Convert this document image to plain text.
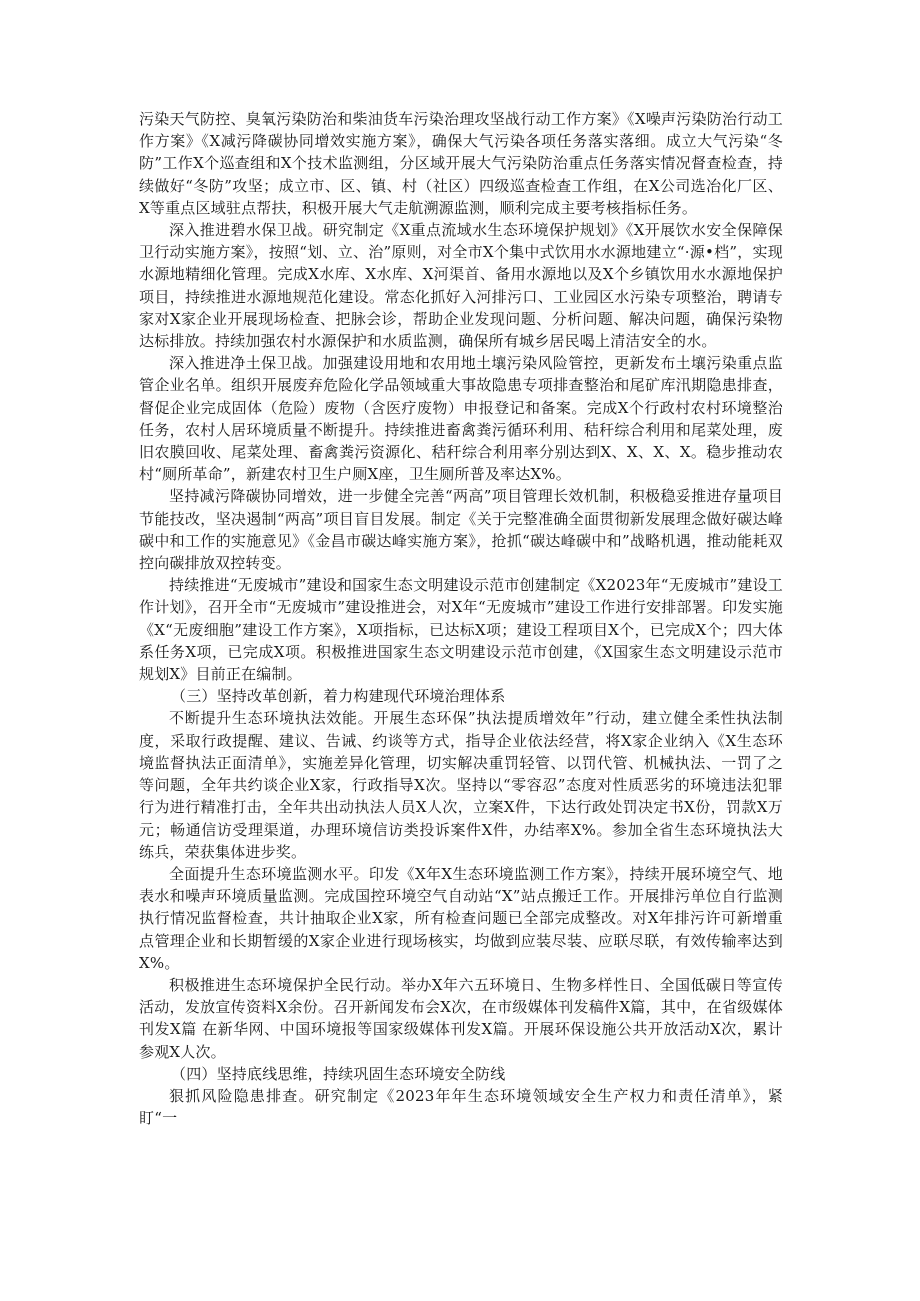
污染天气防控、臭氧污染防治和柴油货车污染治理攻坚战行动工作方案》《X噪声污染防治行动工作方案》《X减污降碳协同增效实施方案》，确保大气污染各项任务落实落细。成立大气污染“冬防”工作X个巡查组和X个技术监测组，分区域开展大气污染防治重点任务落实情况督查检查，持续做好“冬防”攻坚；成立市、区、镇、村（社区）四级巡查检查工作组，在X公司选冶化厂区、X等重点区域驻点帮扶，积极开展大气走航溯源监测，顺利完成主要考核指标任务。

深入推进碧水保卫战。研究制定《X重点流域水生态环境保护规划》《X开展饮水安全保障保卫行动实施方案》，按照“划、立、治”原则，对全市X个集中式饮用水水源地建立“·源•档”，实现水源地精细化管理。完成X水库、X水库、X河渠首、备用水源地以及X个乡镇饮用水水源地保护项目，持续推进水源地规范化建设。常态化抓好入河排污口、工业园区水污染专项整治，聘请专家对X家企业开展现场检查、把脉会诊，帮助企业发现问题、分析问题、解决问题，确保污染物达标排放。持续加强农村水源保护和水质监测，确保所有城乡居民喝上清洁安全的水。

深入推进净土保卫战。加强建设用地和农用地土壤污染风险管控，更新发布土壤污染重点监管企业名单。组织开展废弃危险化学品领域重大事故隐患专项排查整治和尾矿库汛期隐患排查，督促企业完成固体（危险）废物（含医疗废物）申报登记和备案。完成X个行政村农村环境整治任务，农村人居环境质量不断提升。持续推进畜禽粪污循环利用、秸秆综合利用和尾菜处理，废旧农膜回收、尾菜处理、畜禽粪污资源化、秸秆综合利用率分别达到X、X、X、X。稳步推动农村“厕所革命”，新建农村卫生户厕X座，卫生厕所普及率达X%。

坚持减污降碳协同增效，进一步健全完善“两高”项目管理长效机制，积极稳妥推进存量项目节能技改，坚决遏制“两高”项目盲目发展。制定《关于完整准确全面贯彻新发展理念做好碳达峰碳中和工作的实施意见》《金昌市碳达峰实施方案》，抢抓“碳达峰碳中和”战略机遇，推动能耗双控向碳排放双控转变。

持续推进“无废城市”建设和国家生态文明建设示范市创建制定《X2023年“无废城市”建设工作计划》，召开全市“无废城市”建设推进会，对X年“无废城市”建设工作进行安排部署。印发实施《X“无废细胞”建设工作方案》，X项指标，已达标X项；建设工程项目X个，已完成X个；四大体系任务X项，已完成X项。积极推进国家生态文明建设示范市创建，《X国家生态文明建设示范市规划X》目前正在编制。

（三）坚持改革创新，着力构建现代环境治理体系

不断提升生态环境执法效能。开展生态环保”执法提质增效年”行动，建立健全柔性执法制度，采取行政提醒、建议、告诫、约谈等方式，指导企业依法经营，将X家企业纳入《X生态环境监督执法正面清单》，实施差异化管理，切实解决重罚轻管、以罚代管、机械执法、一罚了之等问题，全年共约谈企业X家，行政指导X次。坚持以“零容忍”态度对性质恶劣的环境违法犯罪行为进行精准打击，全年共出动执法人员X人次，立案X件，下达行政处罚决定书X份，罚款X万元；畅通信访受理渠道，办理环境信访类投诉案件X件，办结率X%。参加全省生态环境执法大练兵，荣获集体进步奖。

全面提升生态环境监测水平。印发《X年X生态环境监测工作方案》，持续开展环境空气、地表水和噪声环境质量监测。完成国控环境空气自动站“X”站点搬迁工作。开展排污单位自行监测执行情况监督检查，共计抽取企业X家，所有检查问题已全部完成整改。对X年排污许可新增重点管理企业和长期暂缓的X家企业进行现场核实，均做到应装尽装、应联尽联，有效传输率达到X%。

积极推进生态环境保护全民行动。举办X年六五环境日、生物多样性日、全国低碳日等宣传活动，发放宣传资料X余份。召开新闻发布会X次，在市级媒体刊发稿件X篇，其中，在省级媒体刊发X篇 在新华网、中国环境报等国家级媒体刊发X篇。开展环保设施公共开放活动X次，累计参观X人次。

（四）坚持底线思维，持续巩固生态环境安全防线

狠抓风险隐患排查。研究制定《2023年年生态环境领域安全生产权力和责任清单》，紧盯“一
